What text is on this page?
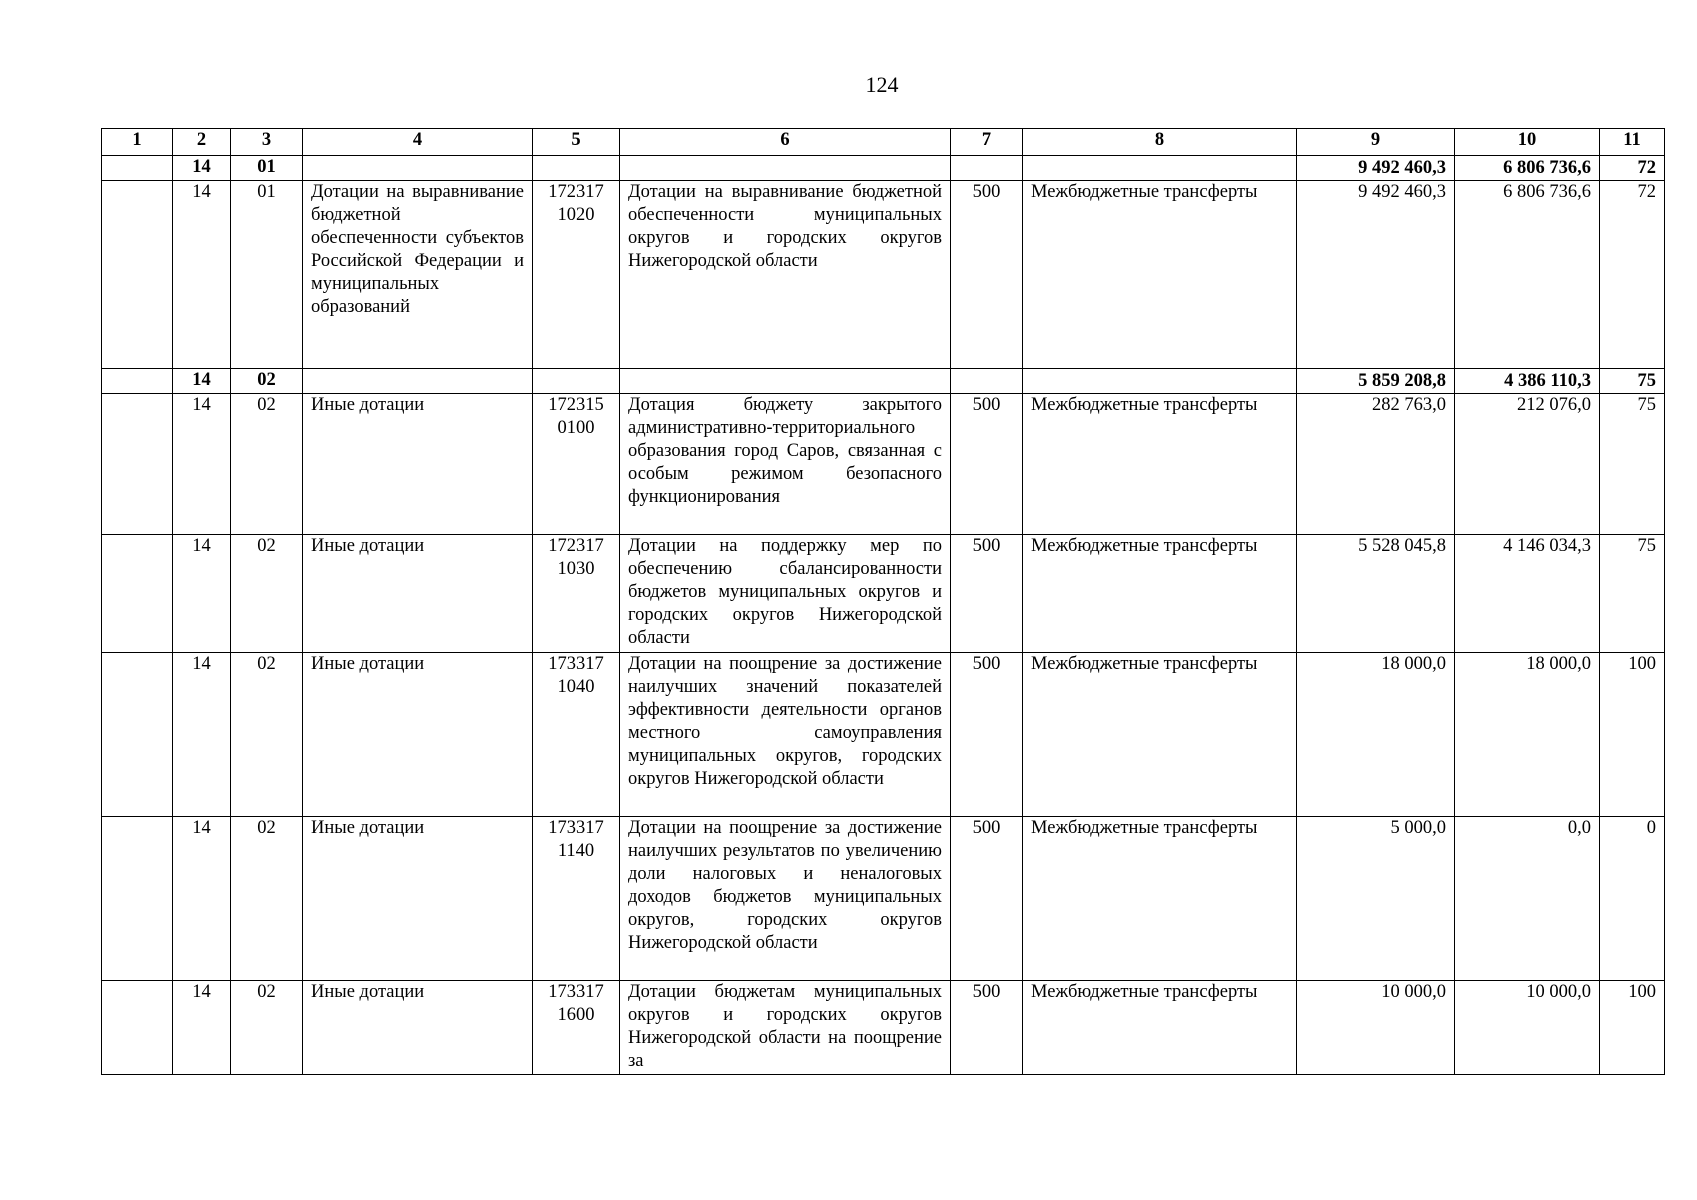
124
1	2	3	4	5	6	7	8	9	10	11
	14	01						9 492 460,3	6 806 736,6	72
	14	01	Дотации на выравнивание бюджетной обеспеченности субъектов Российской Федерации и муниципальных образований	172317 1020	Дотации на выравнивание бюджетной обеспеченности муниципальных округов и городских округов Нижегородской области	500	Межбюджетные трансферты	9 492 460,3	6 806 736,6	72
	14	02						5 859 208,8	4 386 110,3	75
	14	02	Иные дотации	172315 0100	Дотация бюджету закрытого административно-территориального образования город Саров, связанная с особым режимом безопасного функционирования	500	Межбюджетные трансферты	282 763,0	212 076,0	75
	14	02	Иные дотации	172317 1030	Дотации на поддержку мер по обеспечению сбалансированности бюджетов муниципальных округов и городских округов Нижегородской области	500	Межбюджетные трансферты	5 528 045,8	4 146 034,3	75
	14	02	Иные дотации	173317 1040	Дотации на поощрение за достижение наилучших значений показателей эффективности деятельности органов местного самоуправления муниципальных округов, городских округов Нижегородской области	500	Межбюджетные трансферты	18 000,0	18 000,0	100
	14	02	Иные дотации	173317 1140	Дотации на поощрение за достижение наилучших результатов по увеличению доли налоговых и неналоговых доходов бюджетов муниципальных округов, городских округов Нижегородской области	500	Межбюджетные трансферты	5 000,0	0,0	0
	14	02	Иные дотации	173317 1600	Дотации бюджетам муниципальных округов и городских округов Нижегородской области на поощрение за	500	Межбюджетные трансферты	10 000,0	10 000,0	100
